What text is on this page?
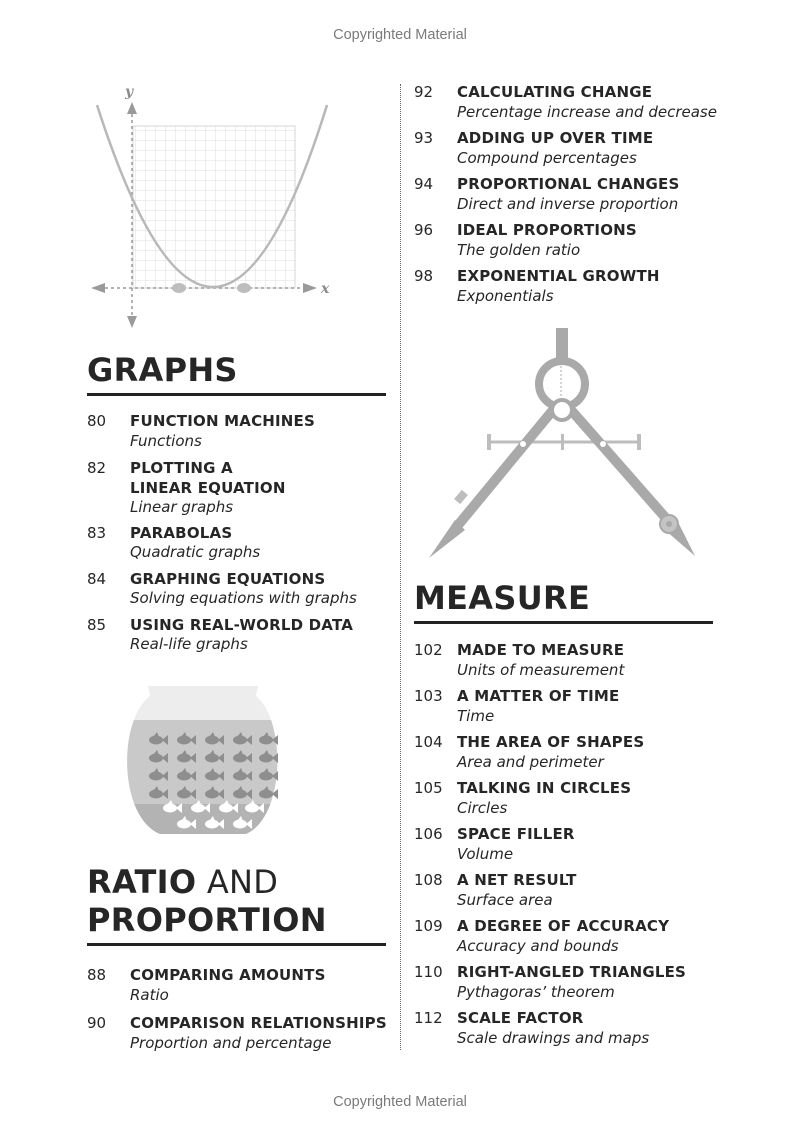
Copyrighted Material
y
x
GRAPHS
80	FUNCTION MACHINES
Functions
82	PLOTTING A
LINEAR EQUATION
Linear graphs
83	PARABOLAS
Quadratic graphs
84	GRAPHING EQUATIONS
Solving equations with graphs
85	USING REAL-WORLD DATA
Real-life graphs
RATIO AND
PROPORTION
88	COMPARING AMOUNTS
Ratio
90	COMPARISON RELATIONSHIPS
Proportion and percentage
92	CALCULATING CHANGE
Percentage increase and decrease
93	ADDING UP OVER TIME
Compound percentages
94	PROPORTIONAL CHANGES
Direct and inverse proportion
96	IDEAL PROPORTIONS
The golden ratio
98	EXPONENTIAL GROWTH
Exponentials
MEASURE
102 MADE TO MEASURE
Units of measurement
103 A MATTER OF TIME
Time
104 THE AREA OF SHAPES
Area and perimeter
105 TALKING IN CIRCLES
Circles
106 SPACE FILLER
Volume
108 A NET RESULT
Surface area
109 A DEGREE OF ACCURACY
Accuracy and bounds
110 RIGHT-ANGLED TRIANGLES
Pythagoras’ theorem
112 SCALE FACTOR
Scale drawings and maps
Copyrighted Material
